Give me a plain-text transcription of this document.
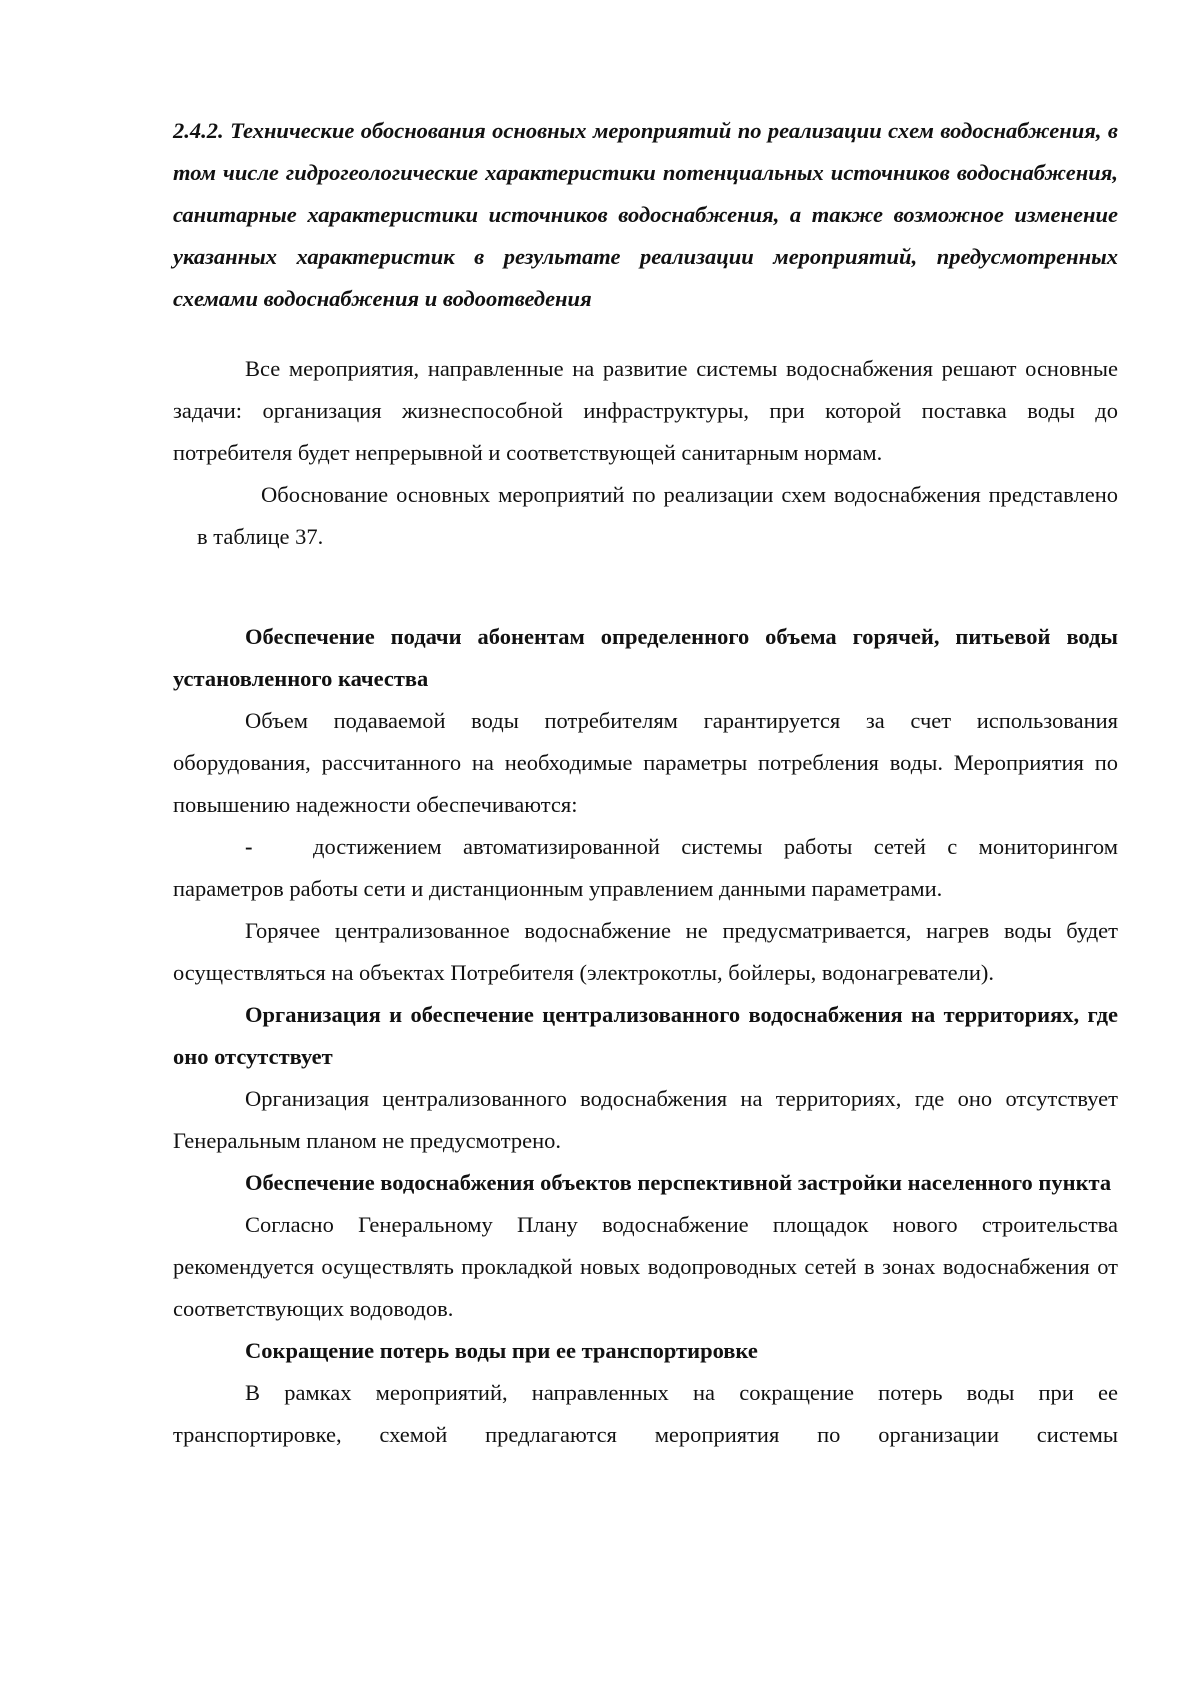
2.4.2. Технические обоснования основных мероприятий по реализации схем водоснабжения, в том числе гидрогеологические характеристики потенциальных источников водоснабжения, санитарные характеристики источников водоснабжения, а также возможное изменение указанных характеристик в результате реализации мероприятий, предусмотренных схемами водоснабжения и водоотведения

Все мероприятия, направленные на развитие системы водоснабжения решают основные задачи: организация жизнеспособной инфраструктуры, при которой поставка воды до потребителя будет непрерывной и соответствующей санитарным нормам.

Обоснование основных мероприятий по реализации схем водоснабжения представлено в таблице 37.

Обеспечение подачи абонентам определенного объема горячей, питьевой воды установленного качества

Объем подаваемой воды потребителям гарантируется за счет использования оборудования, рассчитанного на необходимые параметры потребления воды. Мероприятия по повышению надежности обеспечиваются:

-	достижением автоматизированной системы работы сетей с мониторингом параметров работы сети и дистанционным управлением данными параметрами.

Горячее централизованное водоснабжение не предусматривается, нагрев воды будет осуществляться на объектах Потребителя (электрокотлы, бойлеры, водонагреватели).

Организация и обеспечение централизованного водоснабжения на территориях, где оно отсутствует

Организация централизованного водоснабжения на территориях, где оно отсутствует Генеральным планом не предусмотрено.

Обеспечение водоснабжения объектов перспективной застройки населенного пункта

Согласно Генеральному Плану водоснабжение площадок нового строительства рекомендуется осуществлять прокладкой новых водопроводных сетей в зонах водоснабжения от соответствующих водоводов.

Сокращение потерь воды при ее транспортировке

В рамках мероприятий, направленных на сокращение потерь воды при ее транспортировке, схемой предлагаются мероприятия по организации системы
